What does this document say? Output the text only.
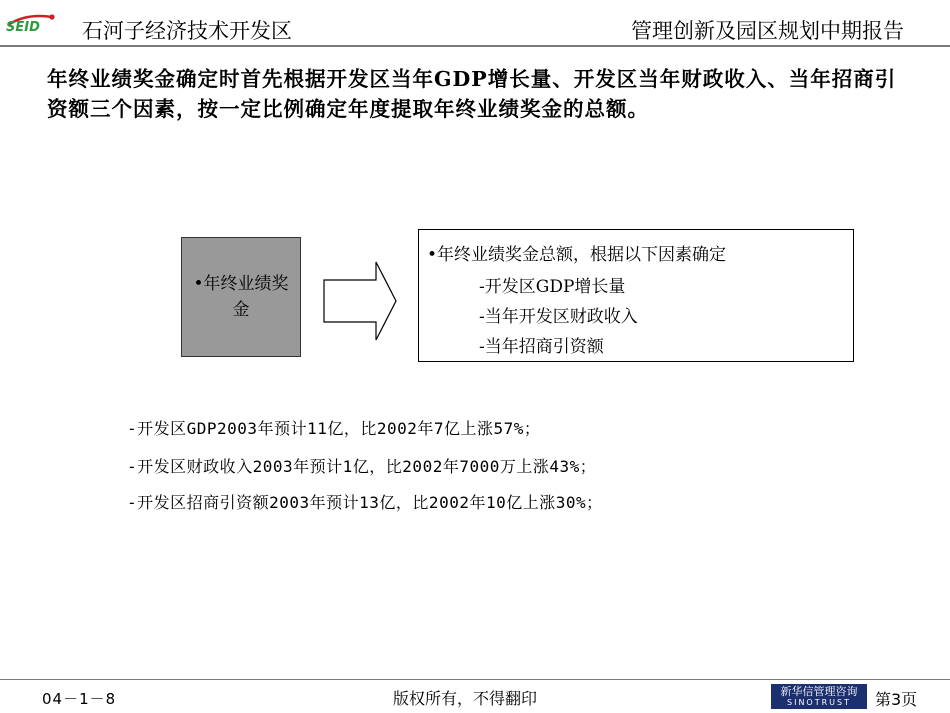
SEID 石河子经济技术开发区	管理创新及园区规划中期报告
年终业绩奖金确定时首先根据开发区当年GDP增长量、开发区当年财政收入、当年招商引资额三个因素，按一定比例确定年度提取年终业绩奖金的总额。
•年终业绩奖金
•年终业绩奖金总额，根据以下因素确定
-开发区GDP增长量
-当年开发区财政收入
-当年招商引资额
-开发区GDP2003年预计11亿，比2002年7亿上涨57%；
-开发区财政收入2003年预计1亿，比2002年7000万上涨43%；
-开发区招商引资额2003年预计13亿，比2002年10亿上涨30%；
04－1－8	版权所有，不得翻印	新华信管理咨询
SINOTRUST	第3页
